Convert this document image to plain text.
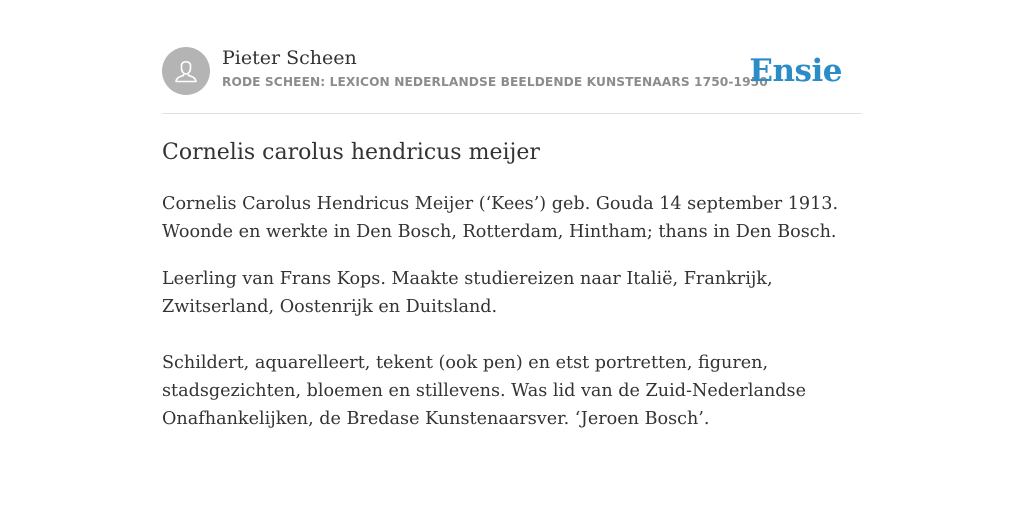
Pieter Scheen
RODE SCHEEN: LEXICON NEDERLANDSE BEELDENDE KUNSTENAARS 1750-1950
Ensie
Cornelis carolus hendricus meijer

Cornelis Carolus Hendricus Meijer (‘Kees’) geb. Gouda 14 september 1913. Woonde en werkte in Den Bosch, Rotterdam, Hintham; thans in Den Bosch.

Leerling van Frans Kops. Maakte studiereizen naar Italië, Frankrijk, Zwitserland, Oostenrijk en Duitsland.

Schildert, aquarelleert, tekent (ook pen) en etst portretten, figuren, stadsgezichten, bloemen en stillevens. Was lid van de Zuid-Nederlandse Onafhankelijken, de Bredase Kunstenaarsver. ‘Jeroen Bosch’.
